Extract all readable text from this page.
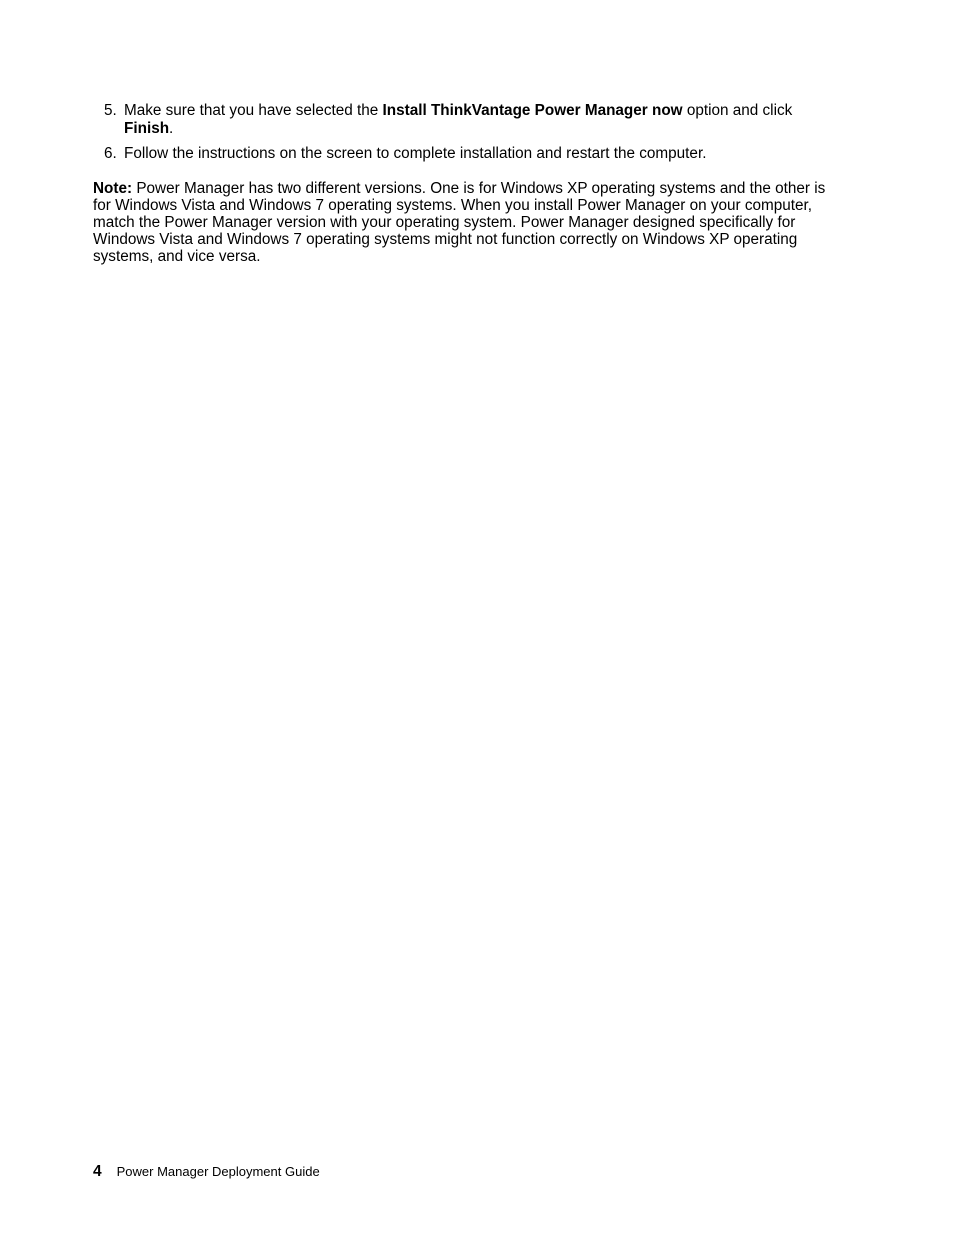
5. Make sure that you have selected the Install ThinkVantage Power Manager now option and click
Finish.
6. Follow the instructions on the screen to complete installation and restart the computer.

Note: Power Manager has two different versions. One is for Windows XP operating systems and the other is
for Windows Vista and Windows 7 operating systems. When you install Power Manager on your computer,
match the Power Manager version with your operating system. Power Manager designed specifically for
Windows Vista and Windows 7 operating systems might not function correctly on Windows XP operating
systems, and vice versa.

4 Power Manager Deployment Guide
